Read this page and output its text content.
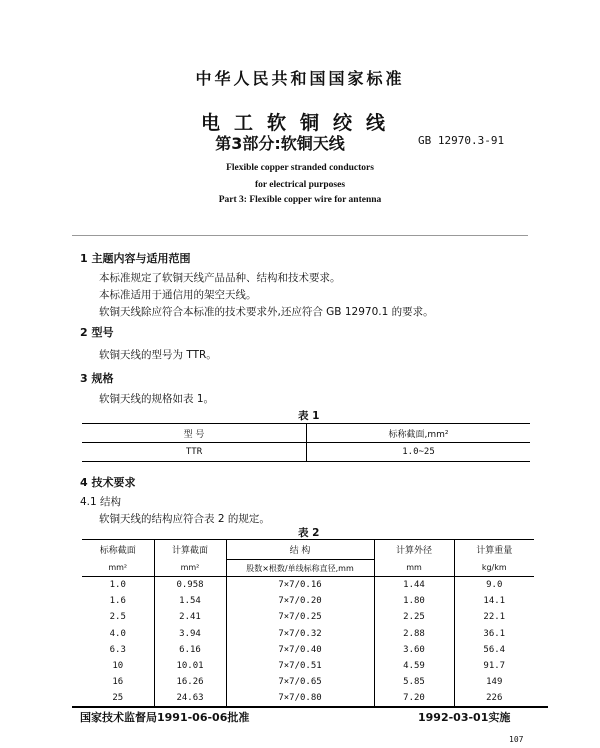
中华人民共和国国家标准
电工软铜绞线
第3部分:软铜天线	GB 12970.3-91
Flexible copper stranded conductors
for electrical purposes
Part 3: Flexible copper wire for antenna
1 主题内容与适用范围
本标准规定了软铜天线产品品种、结构和技术要求。
本标准适用于通信用的架空天线。
软铜天线除应符合本标准的技术要求外,还应符合 GB 12970.1 的要求。
2 型号
软铜天线的型号为 TTR。
3 规格
软铜天线的规格如表 1。
表 1
型 号	标称截面,mm²
TTR	1.0~25
4 技术要求
4.1 结构
软铜天线的结构应符合表 2 的规定。
表 2
标称截面	计算截面	结 构	计算外径	计算重量
mm²	mm²	股数×根数/单线标称直径,mm	mm	kg/km
1.0	0.958	7×7/0.16	1.44	9.0
1.6	1.54	7×7/0.20	1.80	14.1
2.5	2.41	7×7/0.25	2.25	22.1
4.0	3.94	7×7/0.32	2.88	36.1
6.3	6.16	7×7/0.40	3.60	56.4
10	10.01	7×7/0.51	4.59	91.7
16	16.26	7×7/0.65	5.85	149
25	24.63	7×7/0.80	7.20	226
国家技术监督局1991-06-06批准	1992-03-01实施
107
